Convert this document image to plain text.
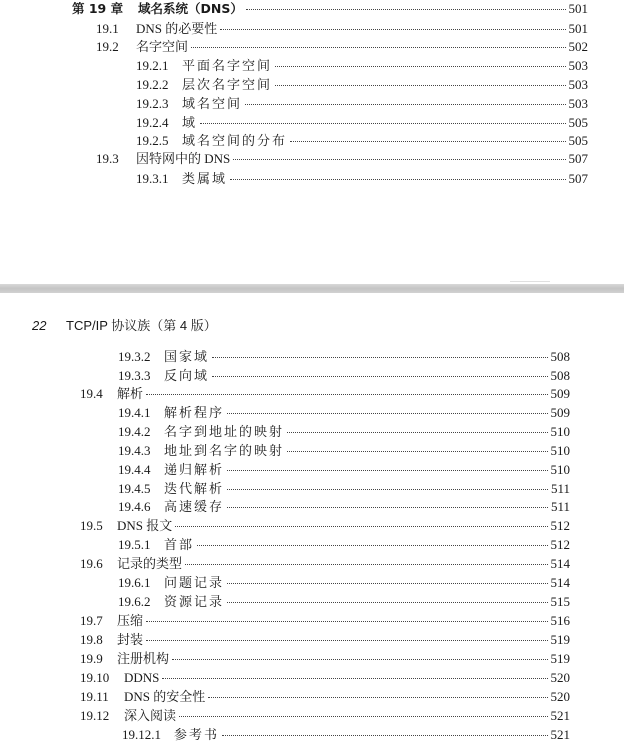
第 19 章	域名系统（DNS）	501
19.1	DNS 的必要性	501
19.2	名字空间	502
19.2.1	平面名字空间	503
19.2.2	层次名字空间	503
19.2.3	域名空间	503
19.2.4	域	505
19.2.5	域名空间的分布	505
19.3	因特网中的 DNS	507
19.3.1	类属域	507
22	TCP/IP 协议族（第 4 版）
19.3.2	国家域	508
19.3.3	反向域	508
19.4	解析	509
19.4.1	解析程序	509
19.4.2	名字到地址的映射	510
19.4.3	地址到名字的映射	510
19.4.4	递归解析	510
19.4.5	迭代解析	511
19.4.6	高速缓存	511
19.5	DNS 报文	512
19.5.1	首部	512
19.6	记录的类型	514
19.6.1	问题记录	514
19.6.2	资源记录	515
19.7	压缩	516
19.8	封装	519
19.9	注册机构	519
19.10	DDNS	520
19.11	DNS 的安全性	520
19.12	深入阅读	521
19.12.1	参考书	521
